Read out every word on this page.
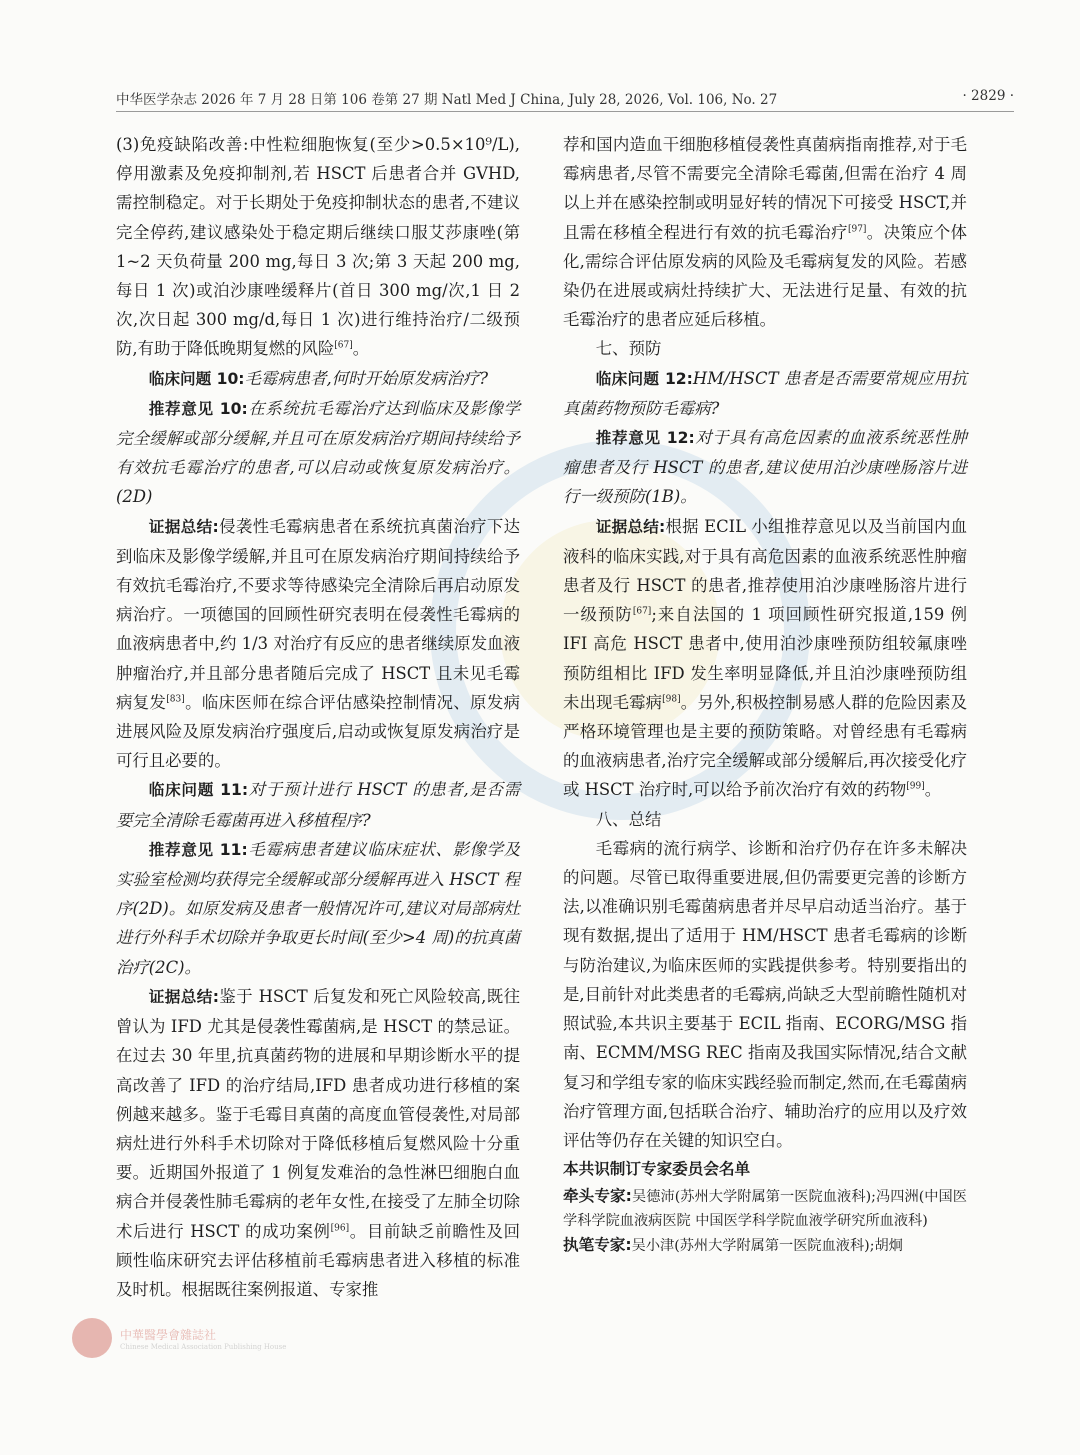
中华医学杂志 2026 年 7 月 28 日第 106 卷第 27 期 Natl Med J China, July 28, 2026, Vol. 106, No. 27	· 2829 ·

(3)免疫缺陷改善:中性粒细胞恢复(至少>0.5×10⁹/L),停用激素及免疫抑制剂,若 HSCT 后患者合并 GVHD,需控制稳定。对于长期处于免疫抑制状态的患者,不建议完全停药,建议感染处于稳定期后继续口服艾莎康唑(第 1~2 天负荷量 200 mg,每日 3 次;第 3 天起 200 mg,每日 1 次)或泊沙康唑缓释片(首日 300 mg/次,1 日 2 次,次日起 300 mg/d,每日 1 次)进行维持治疗/二级预防,有助于降低晚期复燃的风险[67]。

临床问题 10:毛霉病患者,何时开始原发病治疗?

推荐意见 10:在系统抗毛霉治疗达到临床及影像学完全缓解或部分缓解,并且可在原发病治疗期间持续给予有效抗毛霉治疗的患者,可以启动或恢复原发病治疗。(2D)

证据总结:侵袭性毛霉病患者在系统抗真菌治疗下达到临床及影像学缓解,并且可在原发病治疗期间持续给予有效抗毛霉治疗,不要求等待感染完全清除后再启动原发病治疗。一项德国的回顾性研究表明在侵袭性毛霉病的血液病患者中,约 1/3 对治疗有反应的患者继续原发血液肿瘤治疗,并且部分患者随后完成了 HSCT 且未见毛霉病复发[83]。临床医师在综合评估感染控制情况、原发病进展风险及原发病治疗强度后,启动或恢复原发病治疗是可行且必要的。

临床问题 11:对于预计进行 HSCT 的患者,是否需要完全清除毛霉菌再进入移植程序?

推荐意见 11:毛霉病患者建议临床症状、影像学及实验室检测均获得完全缓解或部分缓解再进入 HSCT 程序(2D)。如原发病及患者一般情况许可,建议对局部病灶进行外科手术切除并争取更长时间(至少>4 周)的抗真菌治疗(2C)。

证据总结:鉴于 HSCT 后复发和死亡风险较高,既往曾认为 IFD 尤其是侵袭性霉菌病,是 HSCT 的禁忌证。在过去 30 年里,抗真菌药物的进展和早期诊断水平的提高改善了 IFD 的治疗结局,IFD 患者成功进行移植的案例越来越多。鉴于毛霉目真菌的高度血管侵袭性,对局部病灶进行外科手术切除对于降低移植后复燃风险十分重要。近期国外报道了 1 例复发难治的急性淋巴细胞白血病合并侵袭性肺毛霉病的老年女性,在接受了左肺全切除术后进行 HSCT 的成功案例[96]。目前缺乏前瞻性及回顾性临床研究去评估移植前毛霉病患者进入移植的标准及时机。根据既往案例报道、专家推

荐和国内造血干细胞移植侵袭性真菌病指南推荐,对于毛霉病患者,尽管不需要完全清除毛霉菌,但需在治疗 4 周以上并在感染控制或明显好转的情况下可接受 HSCT,并且需在移植全程进行有效的抗毛霉治疗[97]。决策应个体化,需综合评估原发病的风险及毛霉病复发的风险。若感染仍在进展或病灶持续扩大、无法进行足量、有效的抗毛霉治疗的患者应延后移植。

七、预防

临床问题 12:HM/HSCT 患者是否需要常规应用抗真菌药物预防毛霉病?

推荐意见 12:对于具有高危因素的血液系统恶性肿瘤患者及行 HSCT 的患者,建议使用泊沙康唑肠溶片进行一级预防(1B)。

证据总结:根据 ECIL 小组推荐意见以及当前国内血液科的临床实践,对于具有高危因素的血液系统恶性肿瘤患者及行 HSCT 的患者,推荐使用泊沙康唑肠溶片进行一级预防[67];来自法国的 1 项回顾性研究报道,159 例 IFI 高危 HSCT 患者中,使用泊沙康唑预防组较氟康唑预防组相比 IFD 发生率明显降低,并且泊沙康唑预防组未出现毛霉病[98]。另外,积极控制易感人群的危险因素及严格环境管理也是主要的预防策略。对曾经患有毛霉病的血液病患者,治疗完全缓解或部分缓解后,再次接受化疗或 HSCT 治疗时,可以给予前次治疗有效的药物[99]。

八、总结

毛霉病的流行病学、诊断和治疗仍存在许多未解决的问题。尽管已取得重要进展,但仍需要更完善的诊断方法,以准确识别毛霉菌病患者并尽早启动适当治疗。基于现有数据,提出了适用于 HM/HSCT 患者毛霉病的诊断与防治建议,为临床医师的实践提供参考。特别要指出的是,目前针对此类患者的毛霉病,尚缺乏大型前瞻性随机对照试验,本共识主要基于 ECIL 指南、ECORG/MSG 指南、ECMM/MSG REC 指南及我国实际情况,结合文献复习和学组专家的临床实践经验而制定,然而,在毛霉菌病治疗管理方面,包括联合治疗、辅助治疗的应用以及疗效评估等仍存在关键的知识空白。

本共识制订专家委员会名单

牵头专家:吴德沛(苏州大学附属第一医院血液科);冯四洲(中国医学科学院血液病医院 中国医学科学院血液学研究所血液科)

执笔专家:吴小津(苏州大学附属第一医院血液科);胡炯

中華醫學會雜誌社
Chinese Medical Association Publishing House
